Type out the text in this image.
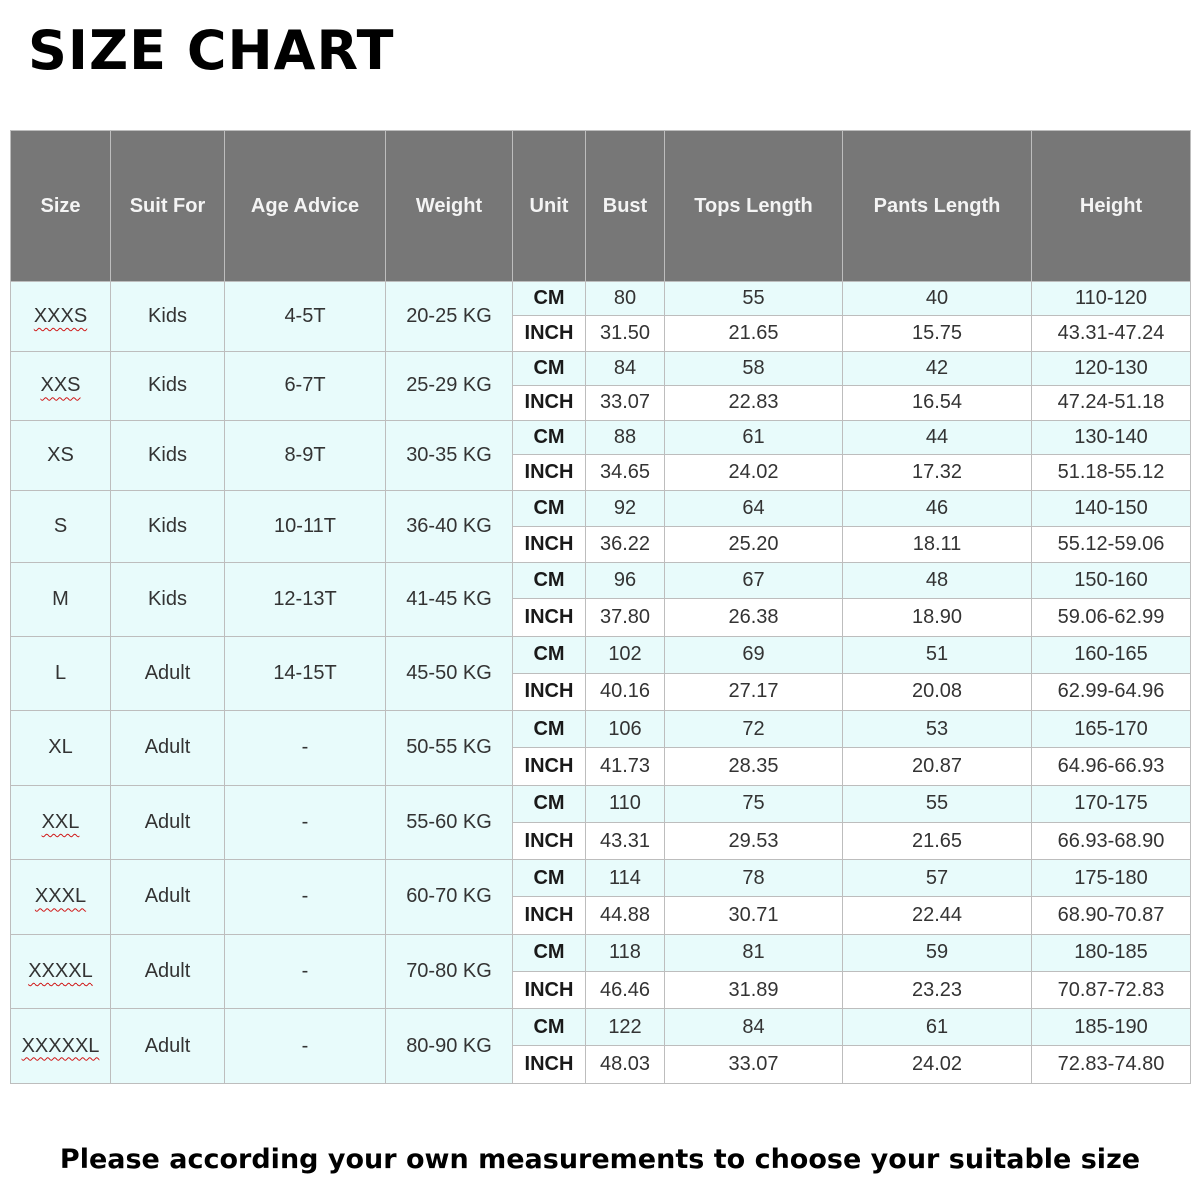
SIZE CHART
Size	Suit For	Age Advice	Weight	Unit	Bust	Tops Length	Pants Length	Height
XXXS	Kids	4-5T	20-25 KG	CM	80	55	40	110-120
				INCH	31.50	21.65	15.75	43.31-47.24
XXS	Kids	6-7T	25-29 KG	CM	84	58	42	120-130
				INCH	33.07	22.83	16.54	47.24-51.18
XS	Kids	8-9T	30-35 KG	CM	88	61	44	130-140
				INCH	34.65	24.02	17.32	51.18-55.12
S	Kids	10-11T	36-40 KG	CM	92	64	46	140-150
				INCH	36.22	25.20	18.11	55.12-59.06
M	Kids	12-13T	41-45 KG	CM	96	67	48	150-160
				INCH	37.80	26.38	18.90	59.06-62.99
L	Adult	14-15T	45-50 KG	CM	102	69	51	160-165
				INCH	40.16	27.17	20.08	62.99-64.96
XL	Adult	-	50-55 KG	CM	106	72	53	165-170
				INCH	41.73	28.35	20.87	64.96-66.93
XXL	Adult	-	55-60 KG	CM	110	75	55	170-175
				INCH	43.31	29.53	21.65	66.93-68.90
XXXL	Adult	-	60-70 KG	CM	114	78	57	175-180
				INCH	44.88	30.71	22.44	68.90-70.87
XXXXL	Adult	-	70-80 KG	CM	118	81	59	180-185
				INCH	46.46	31.89	23.23	70.87-72.83
XXXXXL	Adult	-	80-90 KG	CM	122	84	61	185-190
				INCH	48.03	33.07	24.02	72.83-74.80
Please according your own measurements to choose your suitable size
